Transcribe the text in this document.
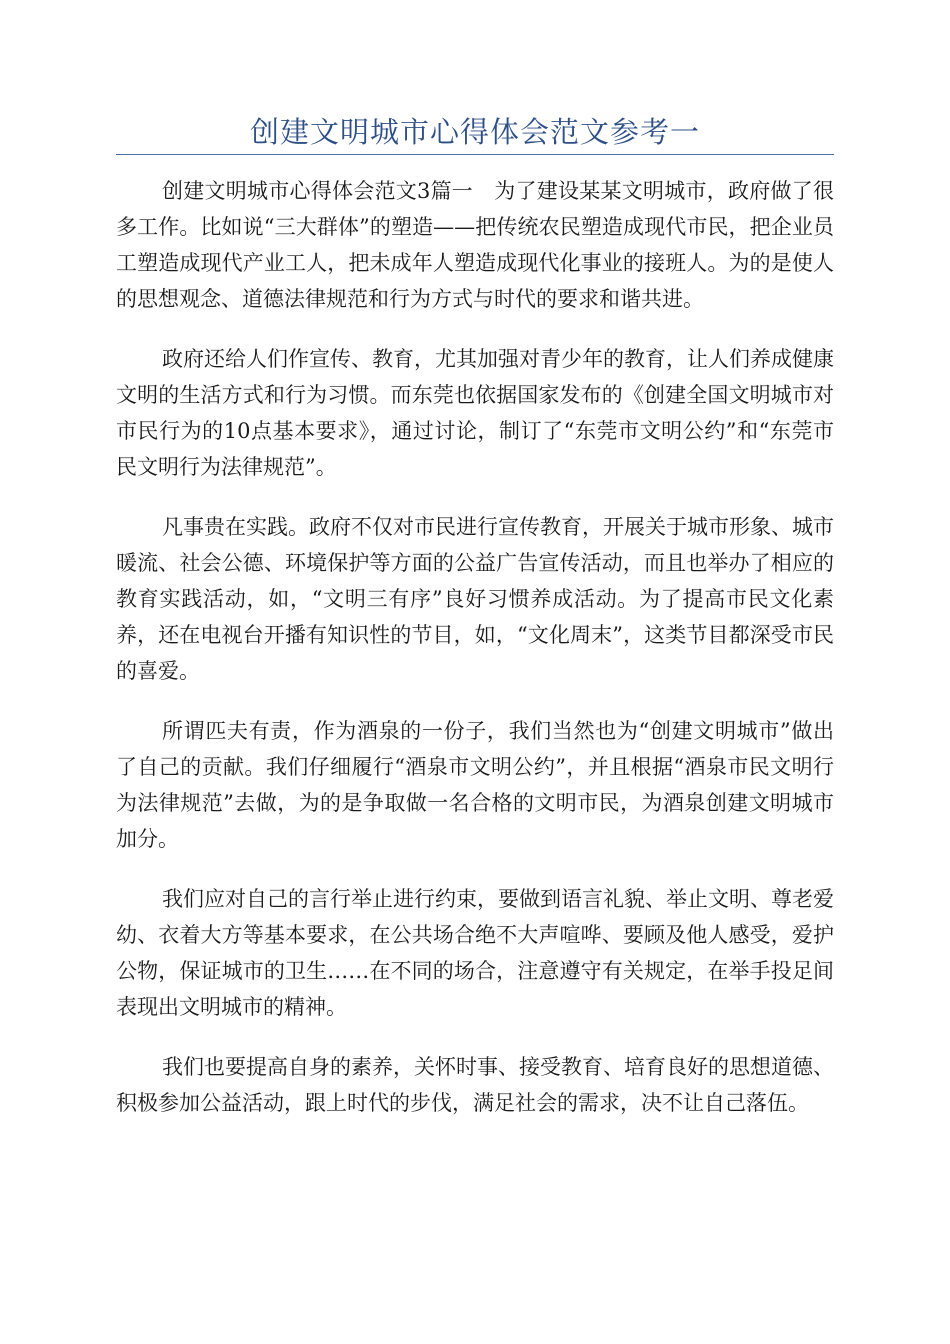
创建文明城市心得体会范文参考一

创建文明城市心得体会范文3篇一　为了建设某某文明城市，政府做了很多工作。比如说“三大群体”的塑造——把传统农民塑造成现代市民，把企业员工塑造成现代产业工人，把未成年人塑造成现代化事业的接班人。为的是使人的思想观念、道德法律规范和行为方式与时代的要求和谐共进。

政府还给人们作宣传、教育，尤其加强对青少年的教育，让人们养成健康文明的生活方式和行为习惯。而东莞也依据国家发布的《创建全国文明城市对市民行为的10点基本要求》，通过讨论，制订了“东莞市文明公约”和“东莞市民文明行为法律规范”。

凡事贵在实践。政府不仅对市民进行宣传教育，开展关于城市形象、城市暖流、社会公德、环境保护等方面的公益广告宣传活动，而且也举办了相应的教育实践活动，如，“文明三有序”良好习惯养成活动。为了提高市民文化素养，还在电视台开播有知识性的节目，如，“文化周末”，这类节目都深受市民的喜爱。

所谓匹夫有责，作为酒泉的一份子，我们当然也为“创建文明城市”做出了自己的贡献。我们仔细履行“酒泉市文明公约”，并且根据“酒泉市民文明行为法律规范”去做，为的是争取做一名合格的文明市民，为酒泉创建文明城市加分。

我们应对自己的言行举止进行约束，要做到语言礼貌、举止文明、尊老爱幼、衣着大方等基本要求，在公共场合绝不大声喧哗、要顾及他人感受，爱护公物，保证城市的卫生……在不同的场合，注意遵守有关规定，在举手投足间表现出文明城市的精神。

我们也要提高自身的素养，关怀时事、接受教育、培育良好的思想道德、积极参加公益活动，跟上时代的步伐，满足社会的需求，决不让自己落伍。
